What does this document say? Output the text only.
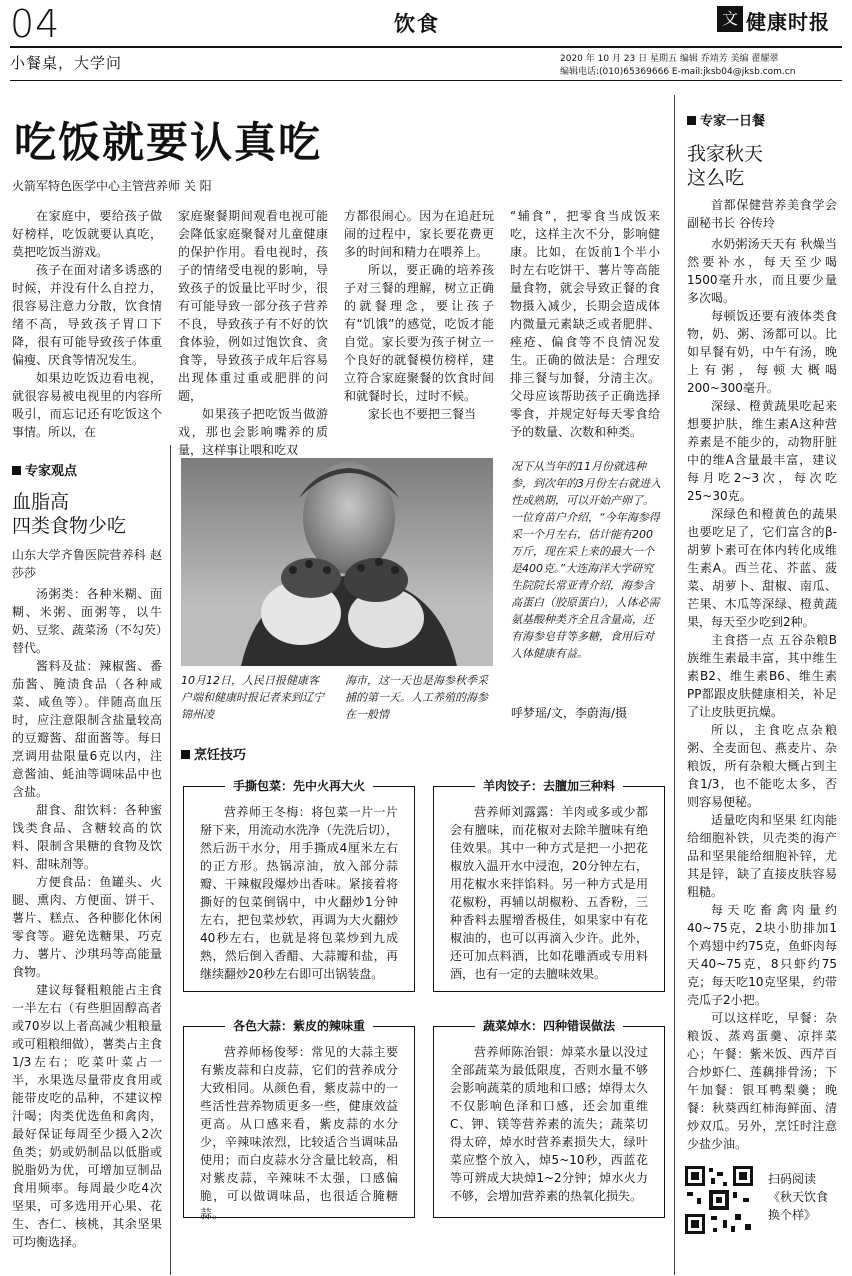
04	饮食	文 健康时报
小餐桌，大学问	2020 年 10 月 23 日 星期五 编辑 乔靖芳 美编 翟耀翠
编辑电话:(010)65369666 E-mail:jksb04@jksb.com.cn
吃饭就要认真吃
火箭军特色医学中心主管营养师 关 阳

在家庭中，要给孩子做好榜样，吃饭就要认真吃，莫把吃饭当游戏。

孩子在面对诸多诱惑的时候，并没有什么自控力，很容易注意力分散，饮食情绪不高，导致孩子胃口下降，很有可能导致孩子体重偏瘦、厌食等情况发生。

如果边吃饭边看电视，就很容易被电视里的内容所吸引，而忘记还有吃饭这个事情。所以，在

家庭聚餐期间观看电视可能会降低家庭聚餐对儿童健康的保护作用。看电视时，孩子的情绪受电视的影响，导致孩子的饭量比平时少，很有可能导致一部分孩子营养不良，导致孩子有不好的饮食体验，例如过饱饮食、贪食等，导致孩子成年后容易出现体重过重或肥胖的问题，

如果孩子把吃饭当做游戏，那也会影响嘴养的质量，这样事让喂和吃双

方都很闹心。因为在追赶玩闹的过程中，家长要花费更多的时间和精力在喂养上。

所以，要正确的培养孩子对三餐的理解，树立正确的就餐理念，要让孩子有“饥饿”的感觉，吃饭才能自觉。家长要为孩子树立一个良好的就餐模仿榜样，建立符合家庭聚餐的饮食时间和就餐时长，过时不候。

家长也不要把三餐当

“辅食”，把零食当成饭来吃，这样主次不分，影响健康。比如，在饭前1个半小时左右吃饼干、薯片等高能量食物，就会导致正餐的食物摄入减少，长期会造成体内微量元素缺乏或者肥胖、痤疮、偏食等不良情况发生。正确的做法是：合理安排三餐与加餐，分清主次。父母应该帮助孩子正确选择零食，并规定好每天零食给予的数量、次数和种类。

10月12日，人民日报健康客户端和健康时报记者来到辽宁锦州凌
海市，这一天也是海参秋季采捕的第一天。人工养殖的海参在一般情
况下从当年的11月份就选种参，到次年的3月份左右就进入性成熟期，可以开始产卵了。一位育苗户介绍，“今年海参得采一个月左右，估计能有200万斤，现在采上来的最大一个是400克。”大连海洋大学研究生院院长常亚青介绍，海参含高蛋白（胶原蛋白），人体必需氨基酸种类齐全且含量高，还有海参皂苷等多糖，食用后对人体健康有益。
呼梦瑶/文，李蔚海/摄
专家观点
血脂高
四类食物少吃
山东大学齐鲁医院营养科 赵莎莎

汤粥类：各种米糊、面糊、米粥、面粥等，以牛奶、豆浆、蔬菜汤（不勾芡）替代。

酱料及盐：辣椒酱、番茄酱、腌渍食品（各种咸菜、咸鱼等）。伴随高血压时，应注意限制含盐量较高的豆瓣酱、甜面酱等。每日烹调用盐限量6克以内，注意酱油、蚝油等调味品中也含盐。

甜食、甜饮料：各种蜜饯类食品、含糖较高的饮料、限制含果糖的食物及饮料、甜味剂等。

方便食品：鱼罐头、火腿、熏肉、方便面、饼干、薯片、糕点、各种膨化休闲零食等。避免选糖果、巧克力、薯片、沙琪玛等高能量食物。

建议每餐粗粮能占主食一半左右（有些胆固醇高者或70岁以上者高减少粗粮量或可粗粮细做），薯类占主食1/3左右；吃菜叶菜占一半，水果选尽量带皮食用或能带皮吃的品种，不建议榨汁喝；肉类优选鱼和禽肉，最好保证每周至少摄入2次鱼类；奶或奶制品以低脂或脱脂奶为优，可增加豆制品食用频率。每周最少吃4次坚果，可多选用开心果、花生、杏仁、核桃，其余坚果可均衡选择。

烹饪技巧
手撕包菜：先中火再大火

营养师王冬梅：将包菜一片一片掰下来，用流动水洗净（先洗后切），然后沥干水分，用手撕成4厘米左右的正方形。热锅凉油，放入部分蒜瓣、干辣椒段爆炒出香味。紧接着将撕好的包菜倒锅中，中火翻炒1分钟左右，把包菜炒软，再调为大火翻炒40秒左右，也就是将包菜炒到九成熟，然后倒入香醋、大蒜瓣和盐，再继续翻炒20秒左右即可出锅装盘。

羊肉饺子：去膻加三种料

营养师刘露露：羊肉或多或少都会有膻味，而花椒对去除羊膻味有绝佳效果。其中一种方式是把一小把花椒放入温开水中浸泡，20分钟左右，用花椒水来拌馅料。另一种方式是用花椒粉，再辅以胡椒粉、五香粉，三种香料去腥增香极佳，如果家中有花椒油的，也可以再滴入少许。此外，还可加点料酒，比如花雕酒或专用料酒，也有一定的去膻味效果。

各色大蒜：紫皮的辣味重

营养师杨俊琴：常见的大蒜主要有紫皮蒜和白皮蒜，它们的营养成分大致相同。从颜色看，紫皮蒜中的一些活性营养物质更多一些，健康效益更高。从口感来看，紫皮蒜的水分少，辛辣味浓烈，比较适合当调味品使用；而白皮蒜水分含量比较高，相对紫皮蒜，辛辣味不太强，口感偏脆，可以做调味品，也很适合腌糖蒜。

蔬菜焯水：四种错误做法

营养师陈治银：焯菜水量以没过全部蔬菜为最低限度，否则水量不够会影响蔬菜的质地和口感；焯得太久不仅影响色泽和口感，还会加重维C、钾、镁等营养素的流失；蔬菜切得太碎，焯水时营养素损失大，绿叶菜应整个放入，焯5~10秒，西蓝花等可辨成大块焯1~2分钟；焯水火力不够，会增加营养素的热氧化损失。

专家一日餐
我家秋天
这么吃
首都保健营养美食学会副秘书长 谷传玲

水奶粥汤天天有 秋燥当然要补水，每天至少喝1500毫升水，而且要少量多次喝。

每顿饭还要有液体类食物，奶、粥、汤都可以。比如早餐有奶，中午有汤，晚上有粥，每顿大概喝200~300毫升。

深绿、橙黄蔬果吃起来 想要护肤，维生素A这种营养素是不能少的，动物肝脏中的维A含量最丰富，建议每月吃2~3次，每次吃25~30克。

深绿色和橙黄色的蔬果也要吃足了，它们富含的β-胡萝卜素可在体内转化成维生素A。西兰花、芥蓝、菠菜、胡萝卜、甜椒、南瓜、芒果、木瓜等深绿、橙黄蔬果，每天至少吃到2种。

主食搭一点 五谷杂粮B族维生素最丰富，其中维生素B2、维生素B6、维生素PP都跟皮肤健康相关，补足了让皮肤更抗燥。

所以，主食吃点杂粮粥、全麦面包、燕麦片、杂粮饭，所有杂粮大概占到主食1/3，也不能吃太多，否则容易便秘。

适量吃肉和坚果 红肉能给细胞补铁，贝壳类的海产品和坚果能给细胞补锌，尤其是锌，缺了直接皮肤容易粗糙。

每天吃畜禽肉量约40~75克，2块小肋排加1个鸡翅中约75克，鱼虾肉每天40~75克，8只虾约75克；每天吃10克坚果，约带壳瓜子2小把。

可以这样吃，早餐：杂粮饭、蒸鸡蛋羹、凉拌菜心；午餐：紫米饭、西芹百合炒虾仁、莲藕排骨汤；下午加餐：银耳鸭梨羹；晚餐：秋葵西红柿海鲜面、清炒双瓜。另外，烹饪时注意少盐少油。

扫码阅读
《秋天饮食
换个样》
